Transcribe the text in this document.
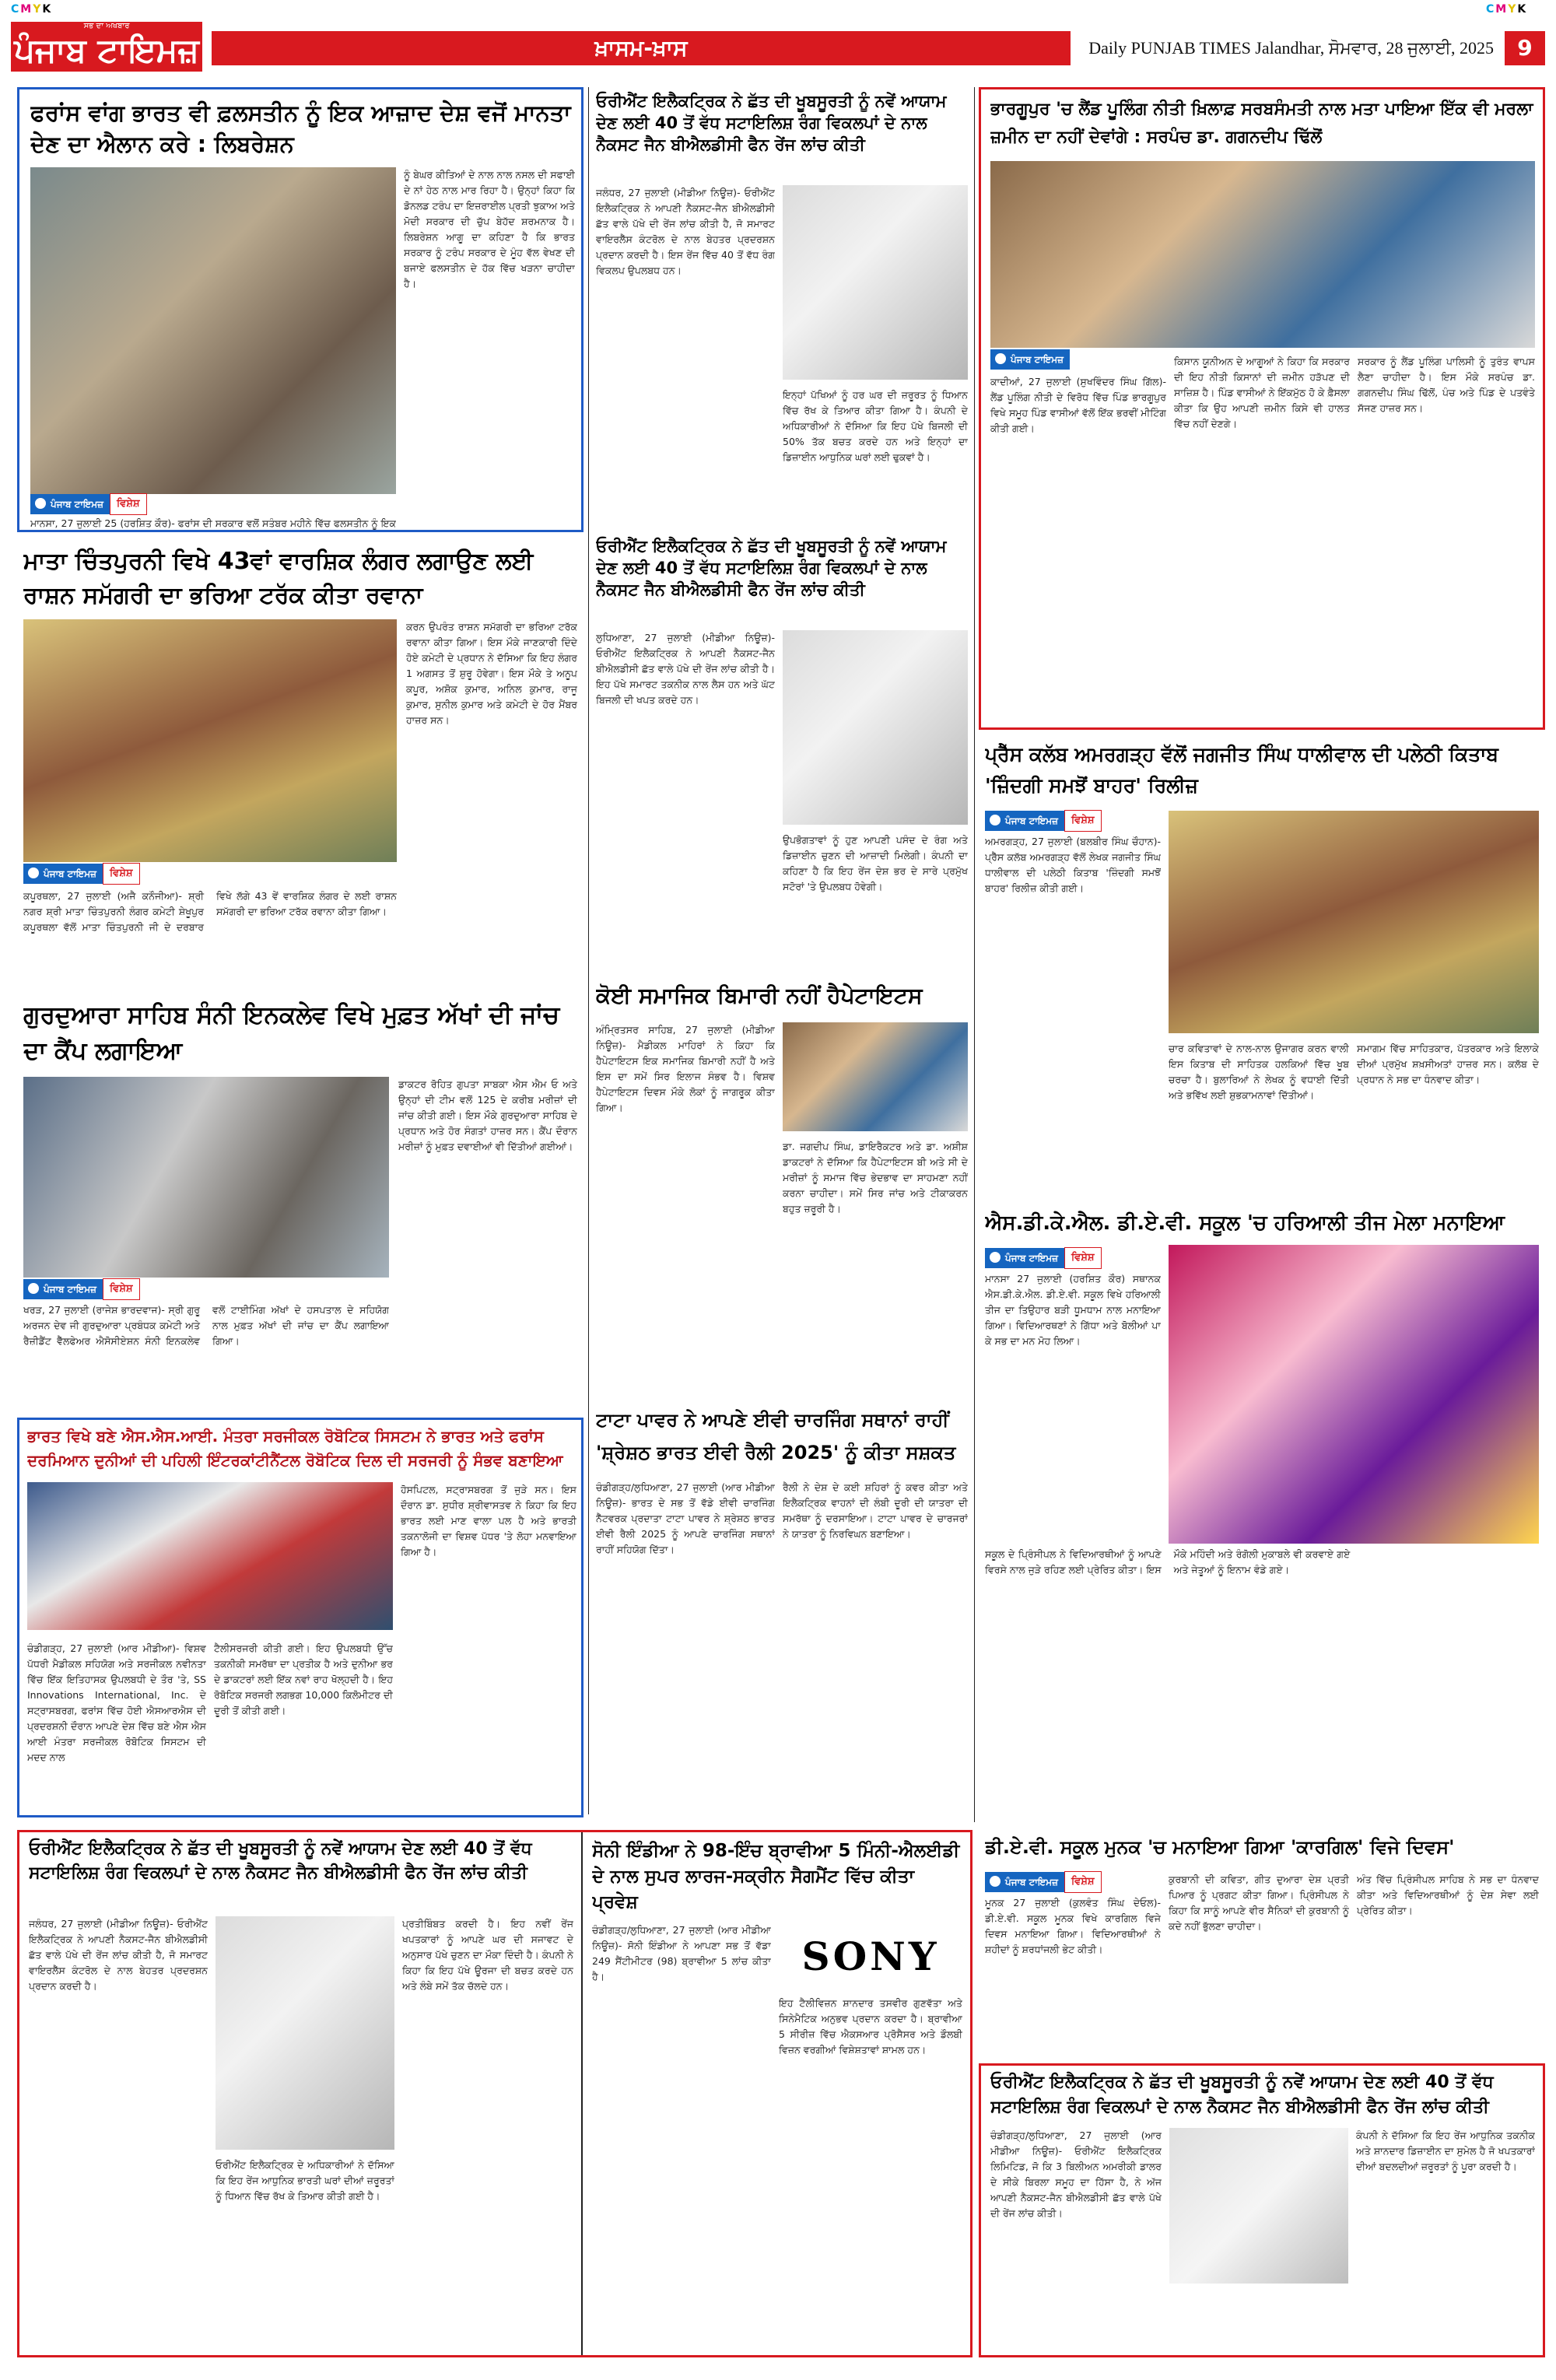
CMYK	CMYK
ਸਭ ਦਾ ਅਖਬਾਰ
ਪੰਜਾਬ ਟਾਇਮਜ਼	ਖ਼ਾਸਮ-ਖ਼ਾਸ	Daily PUNJAB TIMES Jalandhar, ਸੋਮਵਾਰ, 28 ਜੁਲਾਈ, 2025	9
ਫਰਾਂਸ ਵਾਂਗ ਭਾਰਤ ਵੀ ਫ਼ਲਸਤੀਨ ਨੂੰ ਇਕ ਆਜ਼ਾਦ ਦੇਸ਼ ਵਜੋਂ ਮਾਨਤਾ ਦੇਣ ਦਾ ਐਲਾਨ ਕਰੇ : ਲਿਬਰੇਸ਼ਨ
ਪੰਜਾਬ ਟਾਇਮਜ਼	ਵਿਸ਼ੇਸ਼
ਨੂੰ ਬੇਘਰ ਕੀਤਿਆਂ ਦੇ ਨਾਲ ਨਾਲ ਨਸਲ ਦੀ ਸਫਾਈ ਦੇ ਨਾਂ ਹੇਠ ਨਾਲ ਮਾਰ ਰਿਹਾ ਹੈ। ਉਨ੍ਹਾਂ ਕਿਹਾ ਕਿ ਡੋਨਲਡ ਟਰੰਪ ਦਾ ਇਜ਼ਰਾਈਲ ਪ੍ਰਤੀ ਝੁਕਾਅ ਅਤੇ ਮੋਦੀ ਸਰਕਾਰ ਦੀ ਚੁੱਪ ਬੇਹੱਦ ਸ਼ਰਮਨਾਕ ਹੈ। ਲਿਬਰੇਸ਼ਨ ਆਗੂ ਦਾ ਕਹਿਣਾ ਹੈ ਕਿ ਭਾਰਤ ਸਰਕਾਰ ਨੂੰ ਟਰੰਪ ਸਰਕਾਰ ਦੇ ਮੂੰਹ ਵੱਲ ਵੇਖਣ ਦੀ ਬਜਾਏ ਫਲਸਤੀਨ ਦੇ ਹੱਕ ਵਿੱਚ ਖੜਨਾ ਚਾਹੀਦਾ ਹੈ।
ਮਾਨਸਾ, 27 ਜੁਲਾਈ 25 (ਹਰਸ਼ਿਤ ਕੌਰ)- ਫਰਾਂਸ ਦੀ ਸਰਕਾਰ ਵਲੋਂ ਸਤੰਬਰ ਮਹੀਨੇ ਵਿੱਚ ਫਲਸਤੀਨ ਨੂੰ ਇਕ
ਮਾਤਾ ਚਿੰਤਪੁਰਨੀ ਵਿਖੇ 43ਵਾਂ ਵਾਰਸ਼ਿਕ ਲੰਗਰ ਲਗਾਉਣ ਲਈ ਰਾਸ਼ਨ ਸਮੱਗਰੀ ਦਾ ਭਰਿਆ ਟਰੱਕ ਕੀਤਾ ਰਵਾਨਾ
ਪੰਜਾਬ ਟਾਇਮਜ਼	ਵਿਸ਼ੇਸ਼
ਕਪੂਰਥਲਾ, 27 ਜੁਲਾਈ (ਅਜੈ ਕਨੌਜੀਆ)- ਸ਼੍ਰੀ ਨਗਰ ਸ਼੍ਰੀ ਮਾਤਾ ਚਿੰਤਪੁਰਨੀ ਲੰਗਰ ਕਮੇਟੀ ਸ਼ੇਖੂਪੁਰ ਕਪੂਰਥਲਾ ਵੱਲੋਂ ਮਾਤਾ ਚਿੰਤਪੁਰਨੀ ਜੀ ਦੇ ਦਰਬਾਰ ਵਿਖੇ ਲੱਗੇ 43 ਵੇਂ ਵਾਰਸ਼ਿਕ ਲੰਗਰ ਦੇ ਲਈ ਰਾਸ਼ਨ ਸਮੱਗਰੀ ਦਾ ਭਰਿਆ ਟਰੱਕ ਰਵਾਨਾ ਕੀਤਾ ਗਿਆ।
ਕਰਨ ਉਪਰੰਤ ਰਾਸ਼ਨ ਸਮੱਗਰੀ ਦਾ ਭਰਿਆ ਟਰੱਕ ਰਵਾਨਾ ਕੀਤਾ ਗਿਆ। ਇਸ ਮੌਕੇ ਜਾਣਕਾਰੀ ਦਿੰਦੇ ਹੋਏ ਕਮੇਟੀ ਦੇ ਪ੍ਰਧਾਨ ਨੇ ਦੱਸਿਆ ਕਿ ਇਹ ਲੰਗਰ 1 ਅਗਸਤ ਤੋਂ ਸ਼ੁਰੂ ਹੋਵੇਗਾ। ਇਸ ਮੌਕੇ ਤੇ ਅਨੂਪ ਕਪੂਰ, ਅਸ਼ੋਕ ਕੁਮਾਰ, ਅਨਿਲ ਕੁਮਾਰ, ਰਾਜੂ ਕੁਮਾਰ, ਸੁਨੀਲ ਕੁਮਾਰ ਅਤੇ ਕਮੇਟੀ ਦੇ ਹੋਰ ਮੈਂਬਰ ਹਾਜ਼ਰ ਸਨ।
ਗੁਰਦੁਆਰਾ ਸਾਹਿਬ ਸੰਨੀ ਇਨਕਲੇਵ ਵਿਖੇ ਮੁਫ਼ਤ ਅੱਖਾਂ ਦੀ ਜਾਂਚ ਦਾ ਕੈਂਪ ਲਗਾਇਆ
ਪੰਜਾਬ ਟਾਇਮਜ਼	ਵਿਸ਼ੇਸ਼
ਖਰੜ, 27 ਜੁਲਾਈ (ਰਾਜੇਸ਼ ਭਾਰਦਵਾਜ)- ਸ੍ਰੀ ਗੁਰੂ ਅਰਜਨ ਦੇਵ ਜੀ ਗੁਰਦੁਆਰਾ ਪ੍ਰਬੰਧਕ ਕਮੇਟੀ ਅਤੇ ਰੈਜ਼ੀਡੈਂਟ ਵੈੱਲਫੇਅਰ ਐਸੋਸੀਏਸ਼ਨ ਸੰਨੀ ਇਨਕਲੇਵ ਵਲੋਂ ਟਾਈਮਿੰਗ ਅੱਖਾਂ ਦੇ ਹਸਪਤਾਲ ਦੇ ਸਹਿਯੋਗ ਨਾਲ ਮੁਫ਼ਤ ਅੱਖਾਂ ਦੀ ਜਾਂਚ ਦਾ ਕੈਂਪ ਲਗਾਇਆ ਗਿਆ।
ਡਾਕਟਰ ਰੋਹਿਤ ਗੁਪਤਾ ਸਾਬਕਾ ਐਸ ਐਮ ਓ ਅਤੇ ਉਨ੍ਹਾਂ ਦੀ ਟੀਮ ਵਲੋਂ 125 ਦੇ ਕਰੀਬ ਮਰੀਜ਼ਾਂ ਦੀ ਜਾਂਚ ਕੀਤੀ ਗਈ। ਇਸ ਮੌਕੇ ਗੁਰਦੁਆਰਾ ਸਾਹਿਬ ਦੇ ਪ੍ਰਧਾਨ ਅਤੇ ਹੋਰ ਸੰਗਤਾਂ ਹਾਜ਼ਰ ਸਨ। ਕੈਂਪ ਦੌਰਾਨ ਮਰੀਜ਼ਾਂ ਨੂੰ ਮੁਫ਼ਤ ਦਵਾਈਆਂ ਵੀ ਦਿੱਤੀਆਂ ਗਈਆਂ।
ਭਾਰਤ ਵਿਖੇ ਬਣੇ ਐਸ.ਐਸ.ਆਈ. ਮੰਤਰਾ ਸਰਜੀਕਲ ਰੋਬੋਟਿਕ ਸਿਸਟਮ ਨੇ ਭਾਰਤ ਅਤੇ ਫਰਾਂਸ ਦਰਮਿਆਨ ਦੁਨੀਆਂ ਦੀ ਪਹਿਲੀ ਇੰਟਰਕਾਂਟੀਨੈਂਟਲ ਰੋਬੋਟਿਕ ਦਿਲ ਦੀ ਸਰਜਰੀ ਨੂੰ ਸੰਭਵ ਬਣਾਇਆ
ਹੋਸਪਿਟਲ, ਸਟ੍ਰਾਸਬਰਗ ਤੋਂ ਜੁੜੇ ਸਨ। ਇਸ ਦੌਰਾਨ ਡਾ. ਸੁਧੀਰ ਸ਼੍ਰੀਵਾਸਤਵ ਨੇ ਕਿਹਾ ਕਿ ਇਹ ਭਾਰਤ ਲਈ ਮਾਣ ਵਾਲਾ ਪਲ ਹੈ ਅਤੇ ਭਾਰਤੀ ਤਕਨਾਲੋਜੀ ਦਾ ਵਿਸ਼ਵ ਪੱਧਰ 'ਤੇ ਲੋਹਾ ਮਨਵਾਇਆ ਗਿਆ ਹੈ।
ਚੰਡੀਗੜ੍ਹ, 27 ਜੁਲਾਈ (ਆਰ ਮੀਡੀਆ)- ਵਿਸ਼ਵ ਪੱਧਰੀ ਮੈਡੀਕਲ ਸਹਿਯੋਗ ਅਤੇ ਸਰਜੀਕਲ ਨਵੀਨਤਾ ਵਿੱਚ ਇੱਕ ਇਤਿਹਾਸਕ ਉਪਲਬਧੀ ਦੇ ਤੌਰ 'ਤੇ, SS Innovations International, Inc. ਦੇ ਸਟ੍ਰਾਸਬਰਗ, ਫਰਾਂਸ ਵਿੱਚ ਹੋਈ ਐਸਆਰਐਸ ਦੀ ਪ੍ਰਦਰਸ਼ਨੀ ਦੌਰਾਨ ਆਪਣੇ ਦੇਸ਼ ਵਿੱਚ ਬਣੇ ਐਸ ਐਸ ਆਈ ਮੰਤਰਾ ਸਰਜੀਕਲ ਰੋਬੋਟਿਕ ਸਿਸਟਮ ਦੀ ਮਦਦ ਨਾਲ
ਟੈਲੀਸਰਜਰੀ ਕੀਤੀ ਗਈ। ਇਹ ਉਪਲਬਧੀ ਉੱਚ ਤਕਨੀਕੀ ਸਮਰੱਥਾ ਦਾ ਪ੍ਰਤੀਕ ਹੈ ਅਤੇ ਦੁਨੀਆ ਭਰ ਦੇ ਡਾਕਟਰਾਂ ਲਈ ਇੱਕ ਨਵਾਂ ਰਾਹ ਖੋਲ੍ਹਦੀ ਹੈ। ਇਹ ਰੋਬੋਟਿਕ ਸਰਜਰੀ ਲਗਭਗ 10,000 ਕਿਲੋਮੀਟਰ ਦੀ ਦੂਰੀ ਤੋਂ ਕੀਤੀ ਗਈ।
ਓਰੀਐਂਟ ਇਲੈਕਟ੍ਰਿਕ ਨੇ ਛੱਤ ਦੀ ਖੂਬਸੂਰਤੀ ਨੂੰ ਨਵੇਂ ਆਯਾਮ ਦੇਣ ਲਈ 40 ਤੋਂ ਵੱਧ ਸਟਾਇਲਿਸ਼ ਰੰਗ ਵਿਕਲਪਾਂ ਦੇ ਨਾਲ ਨੈਕਸਟ ਜੈਨ ਬੀਐਲਡੀਸੀ ਫੈਨ ਰੇਂਜ ਲਾਂਚ ਕੀਤੀ
ਜਲੰਧਰ, 27 ਜੁਲਾਈ (ਮੀਡੀਆ ਨਿਊਜ਼)- ਓਰੀਐਂਟ ਇਲੈਕਟ੍ਰਿਕ ਨੇ ਆਪਣੀ ਨੈਕਸਟ-ਜੈਨ ਬੀਐਲਡੀਸੀ ਛੱਤ ਵਾਲੇ ਪੱਖੇ ਦੀ ਰੇਂਜ ਲਾਂਚ ਕੀਤੀ ਹੈ, ਜੋ ਸਮਾਰਟ ਵਾਇਰਲੈੱਸ ਕੰਟਰੋਲ ਦੇ ਨਾਲ ਬੇਹਤਰ ਪ੍ਰਦਰਸ਼ਨ ਪ੍ਰਦਾਨ ਕਰਦੀ ਹੈ।
ਓਰੀਐਂਟ ਇਲੈਕਟ੍ਰਿਕ ਦੇ ਅਧਿਕਾਰੀਆਂ ਨੇ ਦੱਸਿਆ ਕਿ ਇਹ ਰੇਂਜ ਆਧੁਨਿਕ ਭਾਰਤੀ ਘਰਾਂ ਦੀਆਂ ਜ਼ਰੂਰਤਾਂ ਨੂੰ ਧਿਆਨ ਵਿੱਚ ਰੱਖ ਕੇ ਤਿਆਰ ਕੀਤੀ ਗਈ ਹੈ।
ਪ੍ਰਤੀਬਿੰਬਤ ਕਰਦੀ ਹੈ। ਇਹ ਨਵੀਂ ਰੇਂਜ ਖਪਤਕਾਰਾਂ ਨੂੰ ਆਪਣੇ ਘਰ ਦੀ ਸਜਾਵਟ ਦੇ ਅਨੁਸਾਰ ਪੱਖੇ ਚੁਣਨ ਦਾ ਮੌਕਾ ਦਿੰਦੀ ਹੈ। ਕੰਪਨੀ ਨੇ ਕਿਹਾ ਕਿ ਇਹ ਪੱਖੇ ਊਰਜਾ ਦੀ ਬਚਤ ਕਰਦੇ ਹਨ ਅਤੇ ਲੰਬੇ ਸਮੇਂ ਤੱਕ ਚੱਲਦੇ ਹਨ।
ਸੋਨੀ ਇੰਡੀਆ ਨੇ 98-ਇੰਚ ਬ੍ਰਾਵੀਆ 5 ਮਿੰਨੀ-ਐਲਈਡੀ ਦੇ ਨਾਲ ਸੁਪਰ ਲਾਰਜ-ਸਕ੍ਰੀਨ ਸੈਗਮੈਂਟ ਵਿੱਚ ਕੀਤਾ ਪ੍ਰਵੇਸ਼
ਚੰਡੀਗੜ੍ਹ/ਲੁਧਿਆਣਾ, 27 ਜੁਲਾਈ (ਆਰ ਮੀਡੀਆ ਨਿਊਜ਼)- ਸੋਨੀ ਇੰਡੀਆ ਨੇ ਆਪਣਾ ਸਭ ਤੋਂ ਵੱਡਾ 249 ਸੈਂਟੀਮੀਟਰ (98) ਬ੍ਰਾਵੀਆ 5 ਲਾਂਚ ਕੀਤਾ ਹੈ।	SONY
ਇਹ ਟੈਲੀਵਿਜ਼ਨ ਸ਼ਾਨਦਾਰ ਤਸਵੀਰ ਗੁਣਵੱਤਾ ਅਤੇ ਸਿਨੇਮੈਟਿਕ ਅਨੁਭਵ ਪ੍ਰਦਾਨ ਕਰਦਾ ਹੈ। ਬ੍ਰਾਵੀਆ 5 ਸੀਰੀਜ਼ ਵਿੱਚ ਐਕਸਆਰ ਪ੍ਰੋਸੈਸਰ ਅਤੇ ਡੌਲਬੀ ਵਿਜ਼ਨ ਵਰਗੀਆਂ ਵਿਸ਼ੇਸ਼ਤਾਵਾਂ ਸ਼ਾਮਲ ਹਨ।
ਓਰੀਐਂਟ ਇਲੈਕਟ੍ਰਿਕ ਨੇ ਛੱਤ ਦੀ ਖੂਬਸੂਰਤੀ ਨੂੰ ਨਵੇਂ ਆਯਾਮ ਦੇਣ ਲਈ 40 ਤੋਂ ਵੱਧ ਸਟਾਇਲਿਸ਼ ਰੰਗ ਵਿਕਲਪਾਂ ਦੇ ਨਾਲ ਨੈਕਸਟ ਜੈਨ ਬੀਐਲਡੀਸੀ ਫੈਨ ਰੇਂਜ ਲਾਂਚ ਕੀਤੀ
ਜਲੰਧਰ, 27 ਜੁਲਾਈ (ਮੀਡੀਆ ਨਿਊਜ਼)- ਓਰੀਐਂਟ ਇਲੈਕਟ੍ਰਿਕ ਨੇ ਆਪਣੀ ਨੈਕਸਟ-ਜੈਨ ਬੀਐਲਡੀਸੀ ਛੱਤ ਵਾਲੇ ਪੱਖੇ ਦੀ ਰੇਂਜ ਲਾਂਚ ਕੀਤੀ ਹੈ, ਜੋ ਸਮਾਰਟ ਵਾਇਰਲੈੱਸ ਕੰਟਰੋਲ ਦੇ ਨਾਲ ਬੇਹਤਰ ਪ੍ਰਦਰਸ਼ਨ ਪ੍ਰਦਾਨ ਕਰਦੀ ਹੈ। ਇਸ ਰੇਂਜ ਵਿੱਚ 40 ਤੋਂ ਵੱਧ ਰੰਗ ਵਿਕਲਪ ਉਪਲਬਧ ਹਨ।
ਇਨ੍ਹਾਂ ਪੱਖਿਆਂ ਨੂੰ ਹਰ ਘਰ ਦੀ ਜ਼ਰੂਰਤ ਨੂੰ ਧਿਆਨ ਵਿੱਚ ਰੱਖ ਕੇ ਤਿਆਰ ਕੀਤਾ ਗਿਆ ਹੈ। ਕੰਪਨੀ ਦੇ ਅਧਿਕਾਰੀਆਂ ਨੇ ਦੱਸਿਆ ਕਿ ਇਹ ਪੱਖੇ ਬਿਜਲੀ ਦੀ 50% ਤੱਕ ਬਚਤ ਕਰਦੇ ਹਨ ਅਤੇ ਇਨ੍ਹਾਂ ਦਾ ਡਿਜ਼ਾਈਨ ਆਧੁਨਿਕ ਘਰਾਂ ਲਈ ਢੁਕਵਾਂ ਹੈ।
ਓਰੀਐਂਟ ਇਲੈਕਟ੍ਰਿਕ ਨੇ ਛੱਤ ਦੀ ਖੂਬਸੂਰਤੀ ਨੂੰ ਨਵੇਂ ਆਯਾਮ ਦੇਣ ਲਈ 40 ਤੋਂ ਵੱਧ ਸਟਾਇਲਿਸ਼ ਰੰਗ ਵਿਕਲਪਾਂ ਦੇ ਨਾਲ ਨੈਕਸਟ ਜੈਨ ਬੀਐਲਡੀਸੀ ਫੈਨ ਰੇਂਜ ਲਾਂਚ ਕੀਤੀ
ਲੁਧਿਆਣਾ, 27 ਜੁਲਾਈ (ਮੀਡੀਆ ਨਿਊਜ਼)- ਓਰੀਐਂਟ ਇਲੈਕਟ੍ਰਿਕ ਨੇ ਆਪਣੀ ਨੈਕਸਟ-ਜੈਨ ਬੀਐਲਡੀਸੀ ਛੱਤ ਵਾਲੇ ਪੱਖੇ ਦੀ ਰੇਂਜ ਲਾਂਚ ਕੀਤੀ ਹੈ। ਇਹ ਪੱਖੇ ਸਮਾਰਟ ਤਕਨੀਕ ਨਾਲ ਲੈਸ ਹਨ ਅਤੇ ਘੱਟ ਬਿਜਲੀ ਦੀ ਖਪਤ ਕਰਦੇ ਹਨ।
ਉਪਭੋਗਤਾਵਾਂ ਨੂੰ ਹੁਣ ਆਪਣੀ ਪਸੰਦ ਦੇ ਰੰਗ ਅਤੇ ਡਿਜ਼ਾਈਨ ਚੁਣਨ ਦੀ ਆਜ਼ਾਦੀ ਮਿਲੇਗੀ। ਕੰਪਨੀ ਦਾ ਕਹਿਣਾ ਹੈ ਕਿ ਇਹ ਰੇਂਜ ਦੇਸ਼ ਭਰ ਦੇ ਸਾਰੇ ਪ੍ਰਮੁੱਖ ਸਟੋਰਾਂ 'ਤੇ ਉਪਲਬਧ ਹੋਵੇਗੀ।
ਕੋਈ ਸਮਾਜਿਕ ਬਿਮਾਰੀ ਨਹੀਂ ਹੈਪੇਟਾਇਟਸ
ਅੰਮ੍ਰਿਤਸਰ ਸਾਹਿਬ, 27 ਜੁਲਾਈ (ਮੀਡੀਆ ਨਿਊਜ਼)- ਮੈਡੀਕਲ ਮਾਹਿਰਾਂ ਨੇ ਕਿਹਾ ਕਿ ਹੈਪੇਟਾਇਟਸ ਇਕ ਸਮਾਜਿਕ ਬਿਮਾਰੀ ਨਹੀਂ ਹੈ ਅਤੇ ਇਸ ਦਾ ਸਮੇਂ ਸਿਰ ਇਲਾਜ ਸੰਭਵ ਹੈ। ਵਿਸ਼ਵ ਹੈਪੇਟਾਇਟਸ ਦਿਵਸ ਮੌਕੇ ਲੋਕਾਂ ਨੂੰ ਜਾਗਰੂਕ ਕੀਤਾ ਗਿਆ।
ਡਾ. ਜਗਦੀਪ ਸਿੰਘ, ਡਾਇਰੈਕਟਰ ਅਤੇ ਡਾ. ਅਸ਼ੀਸ਼ ਡਾਕਟਰਾਂ ਨੇ ਦੱਸਿਆ ਕਿ ਹੈਪੇਟਾਇਟਸ ਬੀ ਅਤੇ ਸੀ ਦੇ ਮਰੀਜ਼ਾਂ ਨੂੰ ਸਮਾਜ ਵਿੱਚ ਭੇਦਭਾਵ ਦਾ ਸਾਹਮਣਾ ਨਹੀਂ ਕਰਨਾ ਚਾਹੀਦਾ। ਸਮੇਂ ਸਿਰ ਜਾਂਚ ਅਤੇ ਟੀਕਾਕਰਨ ਬਹੁਤ ਜ਼ਰੂਰੀ ਹੈ।
ਟਾਟਾ ਪਾਵਰ ਨੇ ਆਪਣੇ ਈਵੀ ਚਾਰਜਿੰਗ ਸਥਾਨਾਂ ਰਾਹੀਂ 'ਸ਼੍ਰੇਸ਼ਠ ਭਾਰਤ ਈਵੀ ਰੈਲੀ 2025' ਨੂੰ ਕੀਤਾ ਸਸ਼ਕਤ
ਚੰਡੀਗੜ੍ਹ/ਲੁਧਿਆਣਾ, 27 ਜੁਲਾਈ (ਆਰ ਮੀਡੀਆ ਨਿਊਜ਼)- ਭਾਰਤ ਦੇ ਸਭ ਤੋਂ ਵੱਡੇ ਈਵੀ ਚਾਰਜਿੰਗ ਨੈੱਟਵਰਕ ਪ੍ਰਦਾਤਾ ਟਾਟਾ ਪਾਵਰ ਨੇ ਸ਼੍ਰੇਸ਼ਠ ਭਾਰਤ ਈਵੀ ਰੈਲੀ 2025 ਨੂੰ ਆਪਣੇ ਚਾਰਜਿੰਗ ਸਥਾਨਾਂ ਰਾਹੀਂ ਸਹਿਯੋਗ ਦਿੱਤਾ।
ਰੈਲੀ ਨੇ ਦੇਸ਼ ਦੇ ਕਈ ਸ਼ਹਿਰਾਂ ਨੂੰ ਕਵਰ ਕੀਤਾ ਅਤੇ ਇਲੈਕਟ੍ਰਿਕ ਵਾਹਨਾਂ ਦੀ ਲੰਬੀ ਦੂਰੀ ਦੀ ਯਾਤਰਾ ਦੀ ਸਮਰੱਥਾ ਨੂੰ ਦਰਸਾਇਆ। ਟਾਟਾ ਪਾਵਰ ਦੇ ਚਾਰਜਰਾਂ ਨੇ ਯਾਤਰਾ ਨੂੰ ਨਿਰਵਿਘਨ ਬਣਾਇਆ।
ਭਾਰਗੂਪੁਰ 'ਚ ਲੈਂਡ ਪੂਲਿੰਗ ਨੀਤੀ ਖ਼ਿਲਾਫ਼ ਸਰਬਸੰਮਤੀ ਨਾਲ ਮਤਾ ਪਾਇਆ ਇੱਕ ਵੀ ਮਰਲਾ ਜ਼ਮੀਨ ਦਾ ਨਹੀਂ ਦੇਵਾਂਗੇ : ਸਰਪੰਚ ਡਾ. ਗਗਨਦੀਪ ਢਿੱਲੋਂ
ਪੰਜਾਬ ਟਾਇਮਜ਼
ਕਾਦੀਆਂ, 27 ਜੁਲਾਈ (ਸੁਖਵਿੰਦਰ ਸਿੰਘ ਗਿੱਲ)- ਲੈਂਡ ਪੂਲਿੰਗ ਨੀਤੀ ਦੇ ਵਿਰੋਧ ਵਿੱਚ ਪਿੰਡ ਭਾਰਗੂਪੁਰ ਵਿਖੇ ਸਮੂਹ ਪਿੰਡ ਵਾਸੀਆਂ ਵੱਲੋਂ ਇੱਕ ਭਰਵੀਂ ਮੀਟਿੰਗ ਕੀਤੀ ਗਈ।
ਕਿਸਾਨ ਯੂਨੀਅਨ ਦੇ ਆਗੂਆਂ ਨੇ ਕਿਹਾ ਕਿ ਸਰਕਾਰ ਦੀ ਇਹ ਨੀਤੀ ਕਿਸਾਨਾਂ ਦੀ ਜ਼ਮੀਨ ਹੜੱਪਣ ਦੀ ਸਾਜ਼ਿਸ਼ ਹੈ। ਪਿੰਡ ਵਾਸੀਆਂ ਨੇ ਇੱਕਮੁੱਠ ਹੋ ਕੇ ਫ਼ੈਸਲਾ ਕੀਤਾ ਕਿ ਉਹ ਆਪਣੀ ਜ਼ਮੀਨ ਕਿਸੇ ਵੀ ਹਾਲਤ ਵਿੱਚ ਨਹੀਂ ਦੇਣਗੇ।
ਸਰਕਾਰ ਨੂੰ ਲੈਂਡ ਪੂਲਿੰਗ ਪਾਲਿਸੀ ਨੂੰ ਤੁਰੰਤ ਵਾਪਸ ਲੈਣਾ ਚਾਹੀਦਾ ਹੈ। ਇਸ ਮੌਕੇ ਸਰਪੰਚ ਡਾ. ਗਗਨਦੀਪ ਸਿੰਘ ਢਿੱਲੋਂ, ਪੰਚ ਅਤੇ ਪਿੰਡ ਦੇ ਪਤਵੰਤੇ ਸੱਜਣ ਹਾਜ਼ਰ ਸਨ।
ਪ੍ਰੈੱਸ ਕਲੱਬ ਅਮਰਗੜ੍ਹ ਵੱਲੋਂ ਜਗਜੀਤ ਸਿੰਘ ਧਾਲੀਵਾਲ ਦੀ ਪਲੇਠੀ ਕਿਤਾਬ 'ਜ਼ਿੰਦਗੀ ਸਮਝੋਂ ਬਾਹਰ' ਰਿਲੀਜ਼
ਪੰਜਾਬ ਟਾਇਮਜ਼	ਵਿਸ਼ੇਸ਼
ਅਮਰਗੜ੍ਹ, 27 ਜੁਲਾਈ (ਬਲਬੀਰ ਸਿੰਘ ਚੌਹਾਨ)- ਪ੍ਰੈੱਸ ਕਲੱਬ ਅਮਰਗੜ੍ਹ ਵੱਲੋਂ ਲੇਖਕ ਜਗਜੀਤ ਸਿੰਘ ਧਾਲੀਵਾਲ ਦੀ ਪਲੇਠੀ ਕਿਤਾਬ 'ਜ਼ਿੰਦਗੀ ਸਮਝੋਂ ਬਾਹਰ' ਰਿਲੀਜ਼ ਕੀਤੀ ਗਈ।
ਚਾਰ ਕਵਿਤਾਵਾਂ ਦੇ ਨਾਲ-ਨਾਲ ਉਜਾਗਰ ਕਰਨ ਵਾਲੀ ਇਸ ਕਿਤਾਬ ਦੀ ਸਾਹਿਤਕ ਹਲਕਿਆਂ ਵਿੱਚ ਖੂਬ ਚਰਚਾ ਹੈ। ਬੁਲਾਰਿਆਂ ਨੇ ਲੇਖਕ ਨੂੰ ਵਧਾਈ ਦਿੱਤੀ ਅਤੇ ਭਵਿੱਖ ਲਈ ਸ਼ੁਭਕਾਮਨਾਵਾਂ ਦਿੱਤੀਆਂ।
ਸਮਾਗਮ ਵਿੱਚ ਸਾਹਿਤਕਾਰ, ਪੱਤਰਕਾਰ ਅਤੇ ਇਲਾਕੇ ਦੀਆਂ ਪ੍ਰਮੁੱਖ ਸ਼ਖ਼ਸੀਅਤਾਂ ਹਾਜ਼ਰ ਸਨ। ਕਲੱਬ ਦੇ ਪ੍ਰਧਾਨ ਨੇ ਸਭ ਦਾ ਧੰਨਵਾਦ ਕੀਤਾ।
ਐਸ.ਡੀ.ਕੇ.ਐਲ. ਡੀ.ਏ.ਵੀ. ਸਕੂਲ 'ਚ ਹਰਿਆਲੀ ਤੀਜ ਮੇਲਾ ਮਨਾਇਆ
ਪੰਜਾਬ ਟਾਇਮਜ਼	ਵਿਸ਼ੇਸ਼
ਮਾਨਸਾ 27 ਜੁਲਾਈ (ਹਰਸ਼ਿਤ ਕੌਰ) ਸਥਾਨਕ ਐਸ.ਡੀ.ਕੇ.ਐਲ. ਡੀ.ਏ.ਵੀ. ਸਕੂਲ ਵਿਖੇ ਹਰਿਆਲੀ ਤੀਜ ਦਾ ਤਿਉਹਾਰ ਬੜੀ ਧੂਮਧਾਮ ਨਾਲ ਮਨਾਇਆ ਗਿਆ। ਵਿਦਿਆਰਥਣਾਂ ਨੇ ਗਿੱਧਾ ਅਤੇ ਬੋਲੀਆਂ ਪਾ ਕੇ ਸਭ ਦਾ ਮਨ ਮੋਹ ਲਿਆ।
ਸਕੂਲ ਦੇ ਪ੍ਰਿੰਸੀਪਲ ਨੇ ਵਿਦਿਆਰਥੀਆਂ ਨੂੰ ਆਪਣੇ ਵਿਰਸੇ ਨਾਲ ਜੁੜੇ ਰਹਿਣ ਲਈ ਪ੍ਰੇਰਿਤ ਕੀਤਾ। ਇਸ ਮੌਕੇ ਮਹਿੰਦੀ ਅਤੇ ਰੰਗੋਲੀ ਮੁਕਾਬਲੇ ਵੀ ਕਰਵਾਏ ਗਏ ਅਤੇ ਜੇਤੂਆਂ ਨੂੰ ਇਨਾਮ ਵੰਡੇ ਗਏ।
ਡੀ.ਏ.ਵੀ. ਸਕੂਲ ਮੁਨਕ 'ਚ ਮਨਾਇਆ ਗਿਆ 'ਕਾਰਗਿਲ' ਵਿਜੇ ਦਿਵਸ'
ਪੰਜਾਬ ਟਾਇਮਜ਼	ਵਿਸ਼ੇਸ਼
ਮੂਨਕ 27 ਜੁਲਾਈ (ਕੁਲਵੰਤ ਸਿੰਘ ਦੇਓਲ)- ਡੀ.ਏ.ਵੀ. ਸਕੂਲ ਮੂਨਕ ਵਿਖੇ ਕਾਰਗਿਲ ਵਿਜੇ ਦਿਵਸ ਮਨਾਇਆ ਗਿਆ। ਵਿਦਿਆਰਥੀਆਂ ਨੇ ਸ਼ਹੀਦਾਂ ਨੂੰ ਸ਼ਰਧਾਂਜਲੀ ਭੇਟ ਕੀਤੀ।
ਕੁਰਬਾਨੀ ਦੀ ਕਵਿਤਾ, ਗੀਤ ਦੁਆਰਾ ਦੇਸ਼ ਪ੍ਰਤੀ ਪਿਆਰ ਨੂੰ ਪ੍ਰਗਟ ਕੀਤਾ ਗਿਆ। ਪ੍ਰਿੰਸੀਪਲ ਨੇ ਕਿਹਾ ਕਿ ਸਾਨੂੰ ਆਪਣੇ ਵੀਰ ਸੈਨਿਕਾਂ ਦੀ ਕੁਰਬਾਨੀ ਨੂੰ ਕਦੇ ਨਹੀਂ ਭੁੱਲਣਾ ਚਾਹੀਦਾ।
ਅੰਤ ਵਿੱਚ ਪ੍ਰਿੰਸੀਪਲ ਸਾਹਿਬ ਨੇ ਸਭ ਦਾ ਧੰਨਵਾਦ ਕੀਤਾ ਅਤੇ ਵਿਦਿਆਰਥੀਆਂ ਨੂੰ ਦੇਸ਼ ਸੇਵਾ ਲਈ ਪ੍ਰੇਰਿਤ ਕੀਤਾ।
ਓਰੀਐਂਟ ਇਲੈਕਟ੍ਰਿਕ ਨੇ ਛੱਤ ਦੀ ਖੂਬਸੂਰਤੀ ਨੂੰ ਨਵੇਂ ਆਯਾਮ ਦੇਣ ਲਈ 40 ਤੋਂ ਵੱਧ ਸਟਾਇਲਿਸ਼ ਰੰਗ ਵਿਕਲਪਾਂ ਦੇ ਨਾਲ ਨੈਕਸਟ ਜੈਨ ਬੀਐਲਡੀਸੀ ਫੈਨ ਰੇਂਜ ਲਾਂਚ ਕੀਤੀ
ਚੰਡੀਗੜ੍ਹ/ਲੁਧਿਆਣਾ, 27 ਜੁਲਾਈ (ਆਰ ਮੀਡੀਆ ਨਿਊਜ਼)- ਓਰੀਐਂਟ ਇਲੈਕਟ੍ਰਿਕ ਲਿਮਿਟਿਡ, ਜੋ ਕਿ 3 ਬਿਲੀਅਨ ਅਮਰੀਕੀ ਡਾਲਰ ਦੇ ਸੀਕੇ ਬਿਰਲਾ ਸਮੂਹ ਦਾ ਹਿੱਸਾ ਹੈ, ਨੇ ਅੱਜ ਆਪਣੀ ਨੈਕਸਟ-ਜੈਨ ਬੀਐਲਡੀਸੀ ਛੱਤ ਵਾਲੇ ਪੱਖੇ ਦੀ ਰੇਂਜ ਲਾਂਚ ਕੀਤੀ।
ਕੰਪਨੀ ਨੇ ਦੱਸਿਆ ਕਿ ਇਹ ਰੇਂਜ ਆਧੁਨਿਕ ਤਕਨੀਕ ਅਤੇ ਸ਼ਾਨਦਾਰ ਡਿਜ਼ਾਈਨ ਦਾ ਸੁਮੇਲ ਹੈ ਜੋ ਖਪਤਕਾਰਾਂ ਦੀਆਂ ਬਦਲਦੀਆਂ ਜ਼ਰੂਰਤਾਂ ਨੂੰ ਪੂਰਾ ਕਰਦੀ ਹੈ।
